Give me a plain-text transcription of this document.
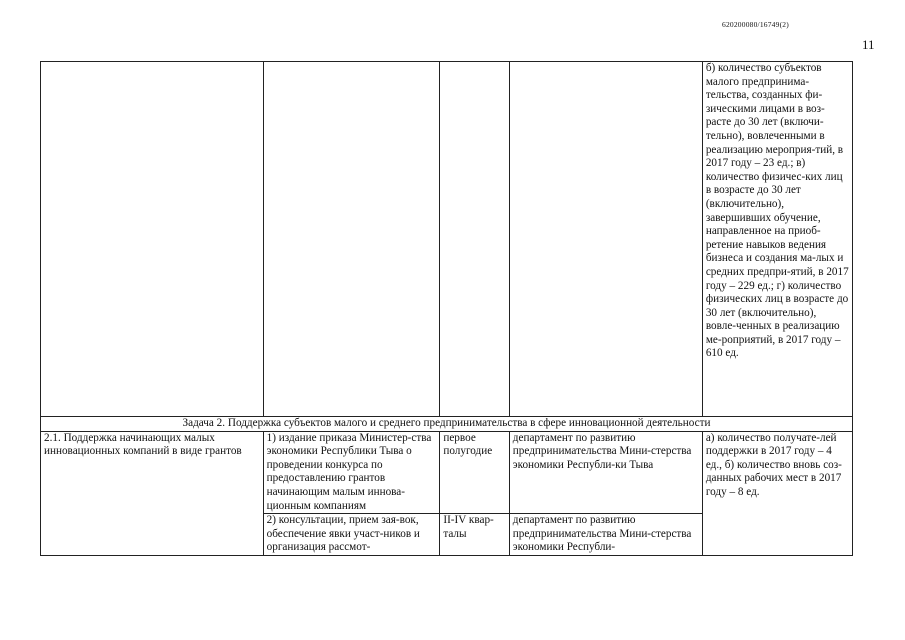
620200080/16749(2)
11
				б) количество субъектов малого предпринима-тельства, созданных фи-зическими лицами в воз-расте до 30 лет (включи-тельно), вовлеченными в реализацию мероприя-тий, в 2017 году – 23 ед.; в) количество физичес-ких лиц в возрасте до 30 лет (включительно), завершивших обучение, направленное на приоб-ретение навыков ведения бизнеса и создания ма-лых и средних предпри-ятий, в 2017 году – 229 ед.; г) количество физических лиц в возрасте до 30 лет (включительно), вовле-ченных в реализацию ме-роприятий, в 2017 году – 610 ед.
Задача 2. Поддержка субъектов малого и среднего предпринимательства в сфере инновационной деятельности				
2.1. Поддержка начинающих малых инновационных компаний в виде грантов	1) издание приказа Министер-ства экономики Республики Тыва о проведении конкурса по предоставлению грантов начинающим малым иннова-ционным компаниям	первое полугодие	департамент по развитию предпринимательства Мини-стерства экономики Республи-ки Тыва	а) количество получате-лей поддержки в 2017 году – 4 ед., б) количество вновь соз-данных рабочих мест в 2017 году – 8 ед.
	2) консультации, прием зая-вок, обеспечение явки участ-ников и организация рассмот-	II-IV квар-талы	департамент по развитию предпринимательства Мини-стерства экономики Республи-	
